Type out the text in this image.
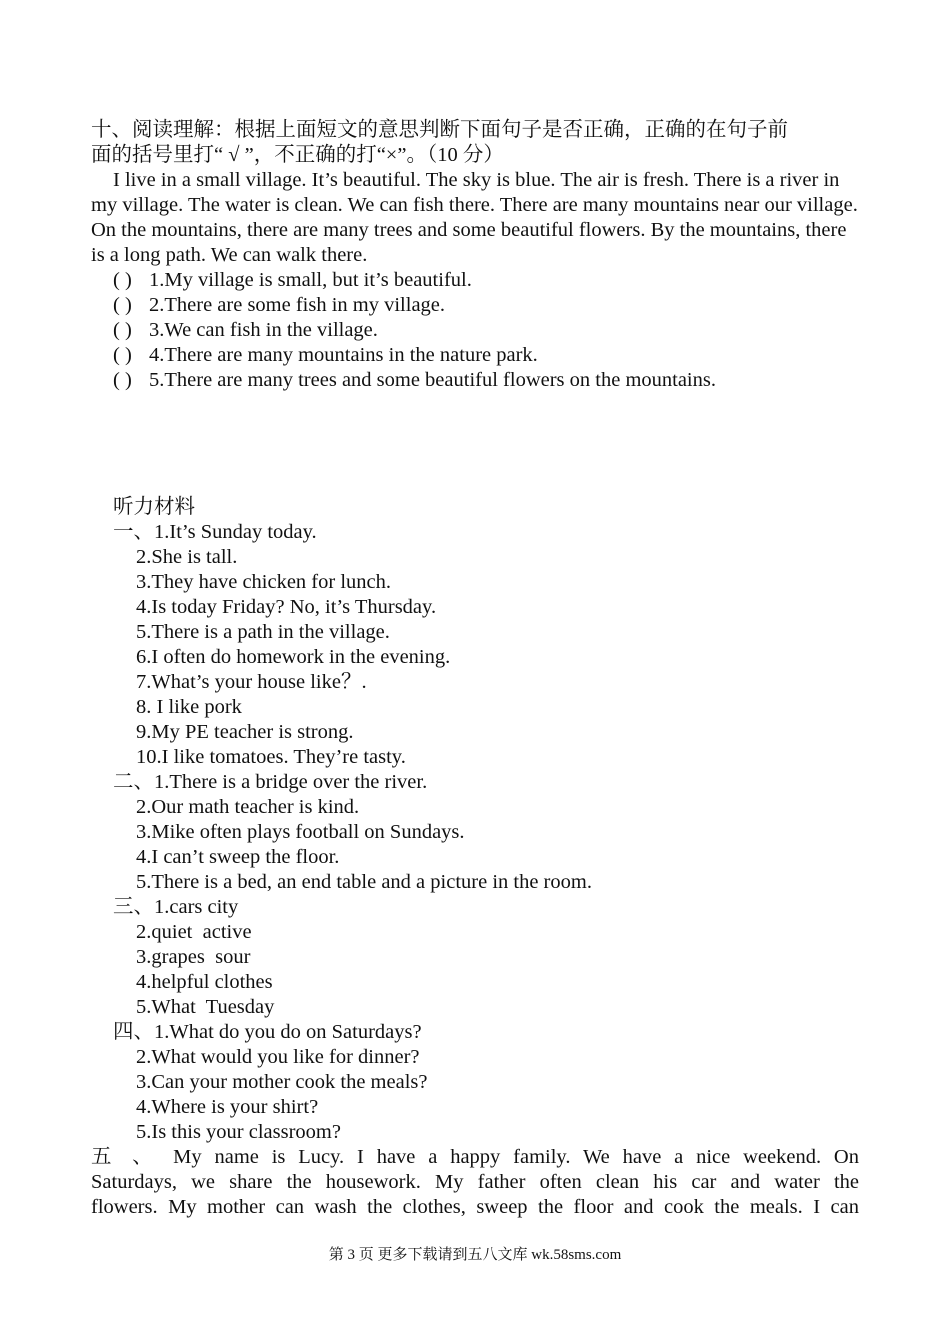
十、阅读理解：根据上面短文的意思判断下面句子是否正确，正确的在句子前
面的括号里打“ √ ”，不正确的打“×”。（10 分）
I live in a small village. It’s beautiful. The sky is blue. The air is fresh. There is a river in my village. The water is clean. We can fish there. There are many mountains near our village. On the mountains, there are many trees and some beautiful flowers. By the mountains, there is a long path. We can walk there.
( ) 1.My village is small, but it’s beautiful.
( ) 2.There are some fish in my village.
( ) 3.We can fish in the village.
( ) 4.There are many mountains in the nature park.
( ) 5.There are many trees and some beautiful flowers on the mountains.
听力材料
一、1.It’s Sunday today.
2.She is tall.
3.They have chicken for lunch.
4.Is today Friday? No, it’s Thursday.
5.There is a path in the village.
6.I often do homework in the evening.
7.What’s your house like？.
8. I like pork
9.My PE teacher is strong.
10.I like tomatoes. They’re tasty.
二、1.There is a bridge over the river.
2.Our math teacher is kind.
3.Mike often plays football on Sundays.
4.I can’t sweep the floor.
5.There is a bed, an end table and a picture in the room.
三、1.cars city
2.quiet  active
3.grapes  sour
4.helpful clothes
5.What  Tuesday
四、1.What do you do on Saturdays?
2.What would you like for dinner?
3.Can your mother cook the meals?
4.Where is your shirt?
5.Is this your classroom?
五 、 My name is Lucy. I have a happy family. We have a nice weekend. On
Saturdays, we share the housework. My father often clean his car and water the
flowers. My mother can wash the clothes, sweep the floor and cook the meals. I can
第 3 页 更多下载请到五八文库 wk.58sms.com
